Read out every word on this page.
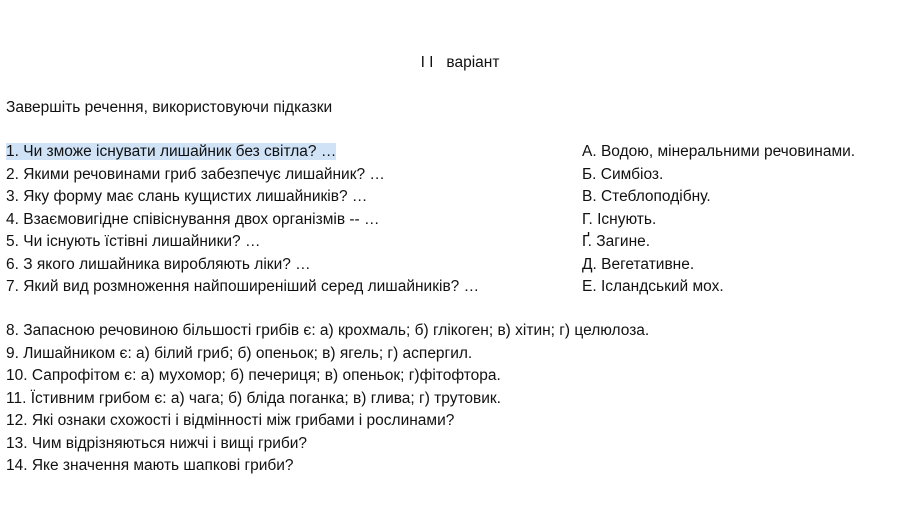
І І   варіант
Завершіть речення, використовуючи підказки
1. Чи зможе існувати лишайник без світла? …
2. Якими речовинами гриб забезпечує лишайник? …
3. Яку форму має слань кущистих лишайників? …
4. Взаємовигідне співіснування двох організмів -- …
5. Чи існують їстівні лишайники? …
6. З якого лишайника виробляють ліки? …
7. Який вид розмноження найпоширеніший серед лишайників? …
А. Водою, мінеральними речовинами.
Б. Симбіоз.
В. Стеблоподібну.
Г. Існують.
Ґ. Загине.
Д. Вегетативне.
Е. Ісландський мох.
8. Запасною речовиною більшості грибів є: а) крохмаль; б) глікоген; в) хітин; г) целюлоза.
9. Лишайником є: а) білий гриб; б) опеньок; в) ягель; г) аспергил.
10. Сапрофітом є: а) мухомор; б) печериця; в) опеньок; г)фітофтора.
11. Їстивним грибом є: а) чага; б) бліда поганка; в) глива; г) трутовик.
12. Які ознаки схожості і відмінності між грибами і рослинами?
13. Чим відрізняються нижчі і вищі гриби?
14. Яке значення мають шапкові гриби?
